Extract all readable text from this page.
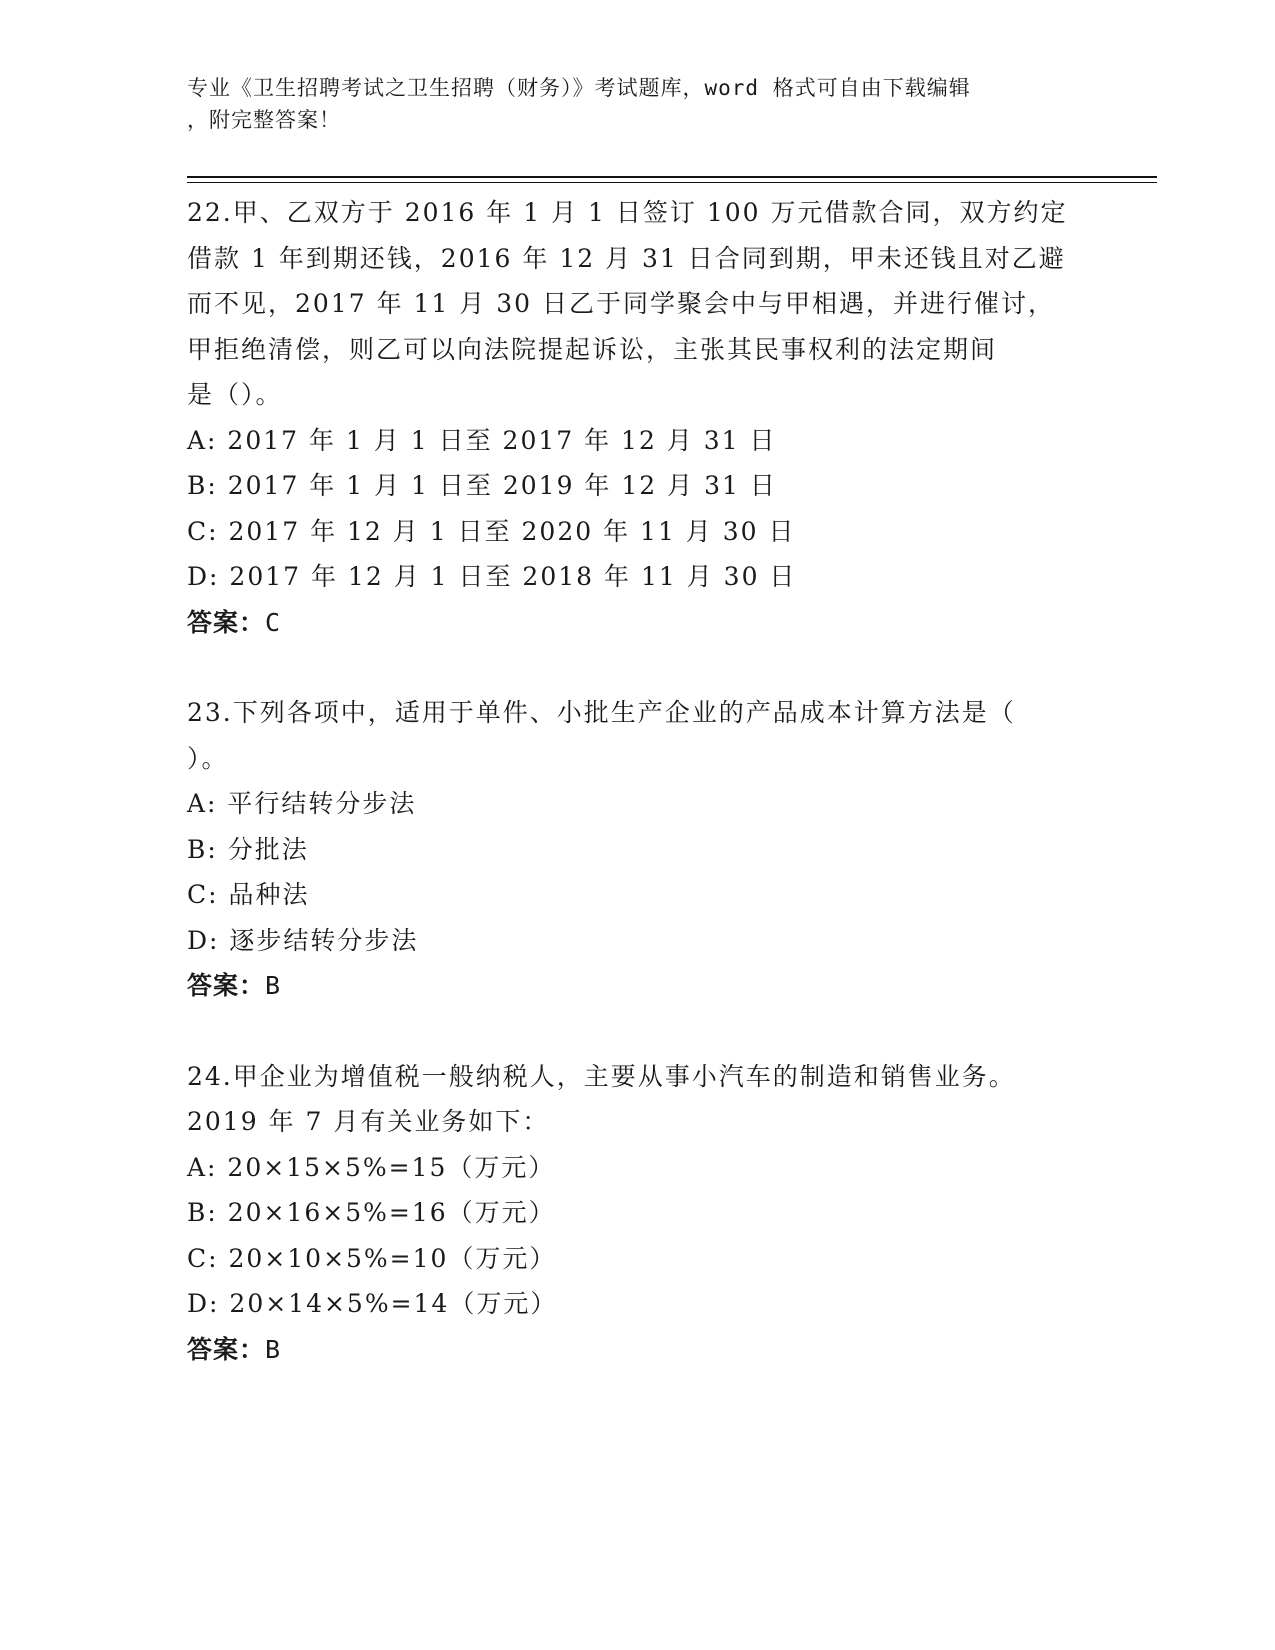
专业《卫生招聘考试之卫生招聘（财务）》考试题库，word 格式可自由下载编辑
，附完整答案！
22.甲、乙双方于 2016 年 1 月 1 日签订 100 万元借款合同，双方约定
借款 1 年到期还钱，2016 年 12 月 31 日合同到期，甲未还钱且对乙避
而不见，2017 年 11 月 30 日乙于同学聚会中与甲相遇，并进行催讨，
甲拒绝清偿，则乙可以向法院提起诉讼，主张其民事权利的法定期间
是（）。
A: 2017 年 1 月 1 日至 2017 年 12 月 31 日
B: 2017 年 1 月 1 日至 2019 年 12 月 31 日
C: 2017 年 12 月 1 日至 2020 年 11 月 30 日
D: 2017 年 12 月 1 日至 2018 年 11 月 30 日
答案：C
23.下列各项中，适用于单件、小批生产企业的产品成本计算方法是（
）。
A: 平行结转分步法
B: 分批法
C: 品种法
D: 逐步结转分步法
答案：B
24.甲企业为增值税一般纳税人，主要从事小汽车的制造和销售业务。
2019 年 7 月有关业务如下：
A: 20×15×5%=15（万元）
B: 20×16×5%=16（万元）
C: 20×10×5%=10（万元）
D: 20×14×5%=14（万元）
答案：B
